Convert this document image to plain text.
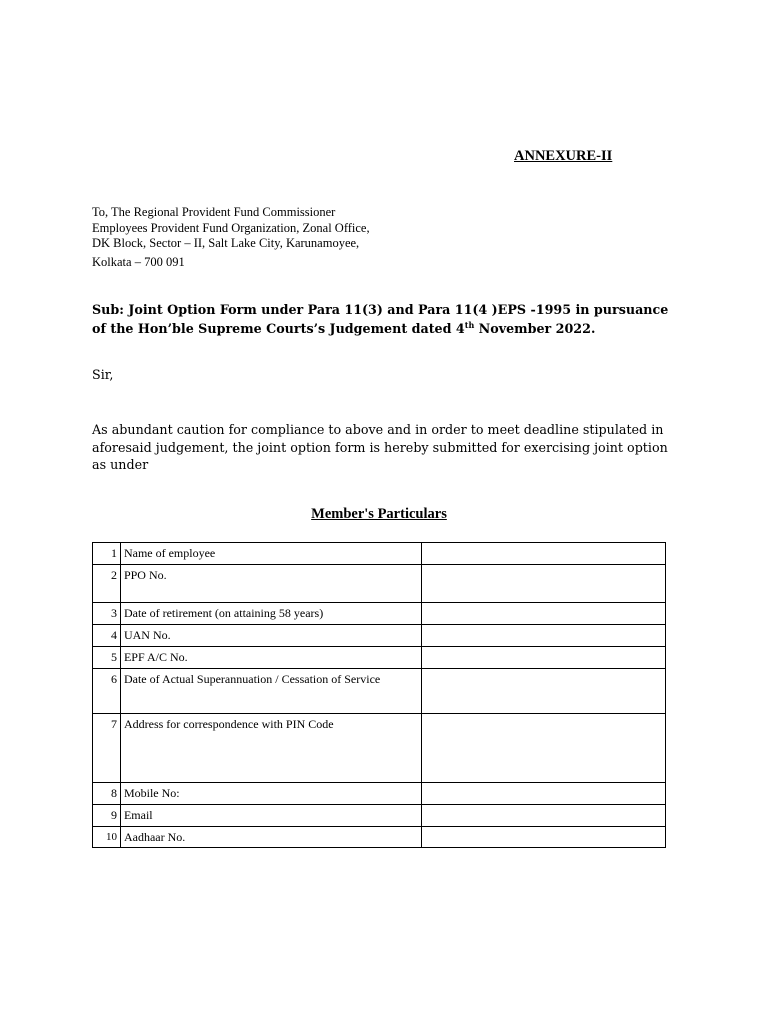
ANNEXURE-II
To, The Regional Provident Fund Commissioner
Employees Provident Fund Organization, Zonal Office,
DK Block, Sector – II, Salt Lake City, Karunamoyee,
Kolkata – 700 091

Sub: Joint Option Form under Para 11(3) and Para 11(4 )EPS -1995 in pursuance of the Hon’ble Supreme Courts’s Judgement dated 4th November 2022.

Sir,

As abundant caution for compliance to above and in order to meet deadline stipulated in aforesaid judgement, the joint option form is hereby submitted for exercising joint option as under

Member's Particulars
1	Name of employee	
2	PPO No.	
3	Date of retirement (on attaining 58 years)	
4	UAN No.	
5	EPF A/C No.	
6	Date of Actual Superannuation / Cessation of Service	
7	Address for correspondence with PIN Code	
8	Mobile No:	
9	Email	
10	Aadhaar No.	
